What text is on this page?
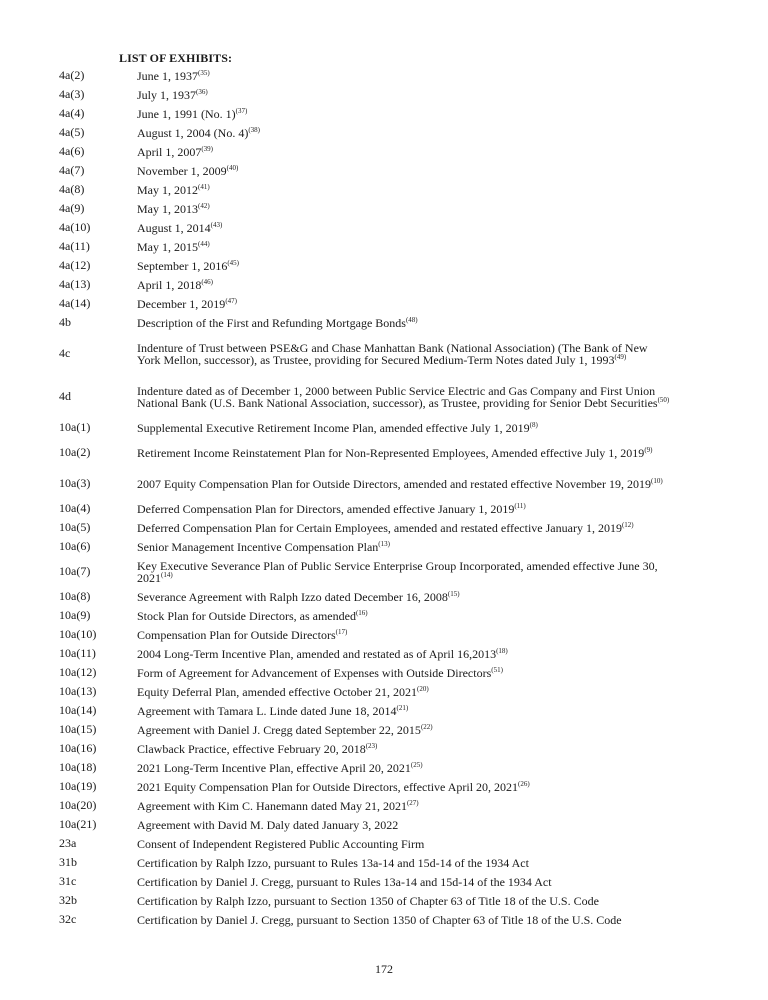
LIST OF EXHIBITS:
4a(2)	June 1, 1937$^{(35)}$
4a(3)	July 1, 1937$^{(36)}$
4a(4)	June 1, 1991 (No. 1)$^{(37)}$
4a(5)	August 1, 2004 (No. 4)$^{(38)}$
4a(6)	April 1, 2007$^{(39)}$
4a(7)	November 1, 2009$^{(40)}$
4a(8)	May 1, 2012$^{(41)}$
4a(9)	May 1, 2013$^{(42)}$
4a(10)	August 1, 2014$^{(43)}$
4a(11)	May 1, 2015$^{(44)}$
4a(12)	September 1, 2016$^{(45)}$
4a(13)	April 1, 2018$^{(46)}$
4a(14)	December 1, 2019$^{(47)}$
4b	Description of the First and Refunding Mortgage Bonds$^{(48)}$
4c	Indenture of Trust between PSE&G and Chase Manhattan Bank (National Association) (The Bank of New York Mellon, successor), as Trustee, providing for Secured Medium-Term Notes dated July 1, 1993$^{(49)}$
4d	Indenture dated as of December 1, 2000 between Public Service Electric and Gas Company and First Union National Bank (U.S. Bank National Association, successor), as Trustee, providing for Senior Debt Securities$^{(50)}$
10a(1)	Supplemental Executive Retirement Income Plan, amended effective July 1, 2019$^{(8)}$
10a(2)	Retirement Income Reinstatement Plan for Non-Represented Employees, Amended effective July 1, 2019$^{(9)}$
10a(3)	2007 Equity Compensation Plan for Outside Directors, amended and restated effective November 19, 2019$^{(10)}$
10a(4)	Deferred Compensation Plan for Directors, amended effective January 1, 2019$^{(11)}$
10a(5)	Deferred Compensation Plan for Certain Employees, amended and restated effective January 1, 2019$^{(12)}$
10a(6)	Senior Management Incentive Compensation Plan$^{(13)}$
10a(7)	Key Executive Severance Plan of Public Service Enterprise Group Incorporated, amended effective June 30, 2021$^{(14)}$
10a(8)	Severance Agreement with Ralph Izzo dated December 16, 2008$^{(15)}$
10a(9)	Stock Plan for Outside Directors, as amended$^{(16)}$
10a(10)	Compensation Plan for Outside Directors$^{(17)}$
10a(11)	2004 Long-Term Incentive Plan, amended and restated as of April 16,2013$^{(18)}$
10a(12)	Form of Agreement for Advancement of Expenses with Outside Directors$^{(51)}$
10a(13)	Equity Deferral Plan, amended effective October 21, 2021$^{(20)}$
10a(14)	Agreement with Tamara L. Linde dated June 18, 2014$^{(21)}$
10a(15)	Agreement with Daniel J. Cregg dated September 22, 2015$^{(22)}$
10a(16)	Clawback Practice, effective February 20, 2018$^{(23)}$
10a(18)	2021 Long-Term Incentive Plan, effective April 20, 2021$^{(25)}$
10a(19)	2021 Equity Compensation Plan for Outside Directors, effective April 20, 2021$^{(26)}$
10a(20)	Agreement with Kim C. Hanemann dated May 21, 2021$^{(27)}$
10a(21)	Agreement with David M. Daly dated January 3, 2022
23a	Consent of Independent Registered Public Accounting Firm
31b	Certification by Ralph Izzo, pursuant to Rules 13a-14 and 15d-14 of the 1934 Act
31c	Certification by Daniel J. Cregg, pursuant to Rules 13a-14 and 15d-14 of the 1934 Act
32b	Certification by Ralph Izzo, pursuant to Section 1350 of Chapter 63 of Title 18 of the U.S. Code
32c	Certification by Daniel J. Cregg, pursuant to Section 1350 of Chapter 63 of Title 18 of the U.S. Code
172
